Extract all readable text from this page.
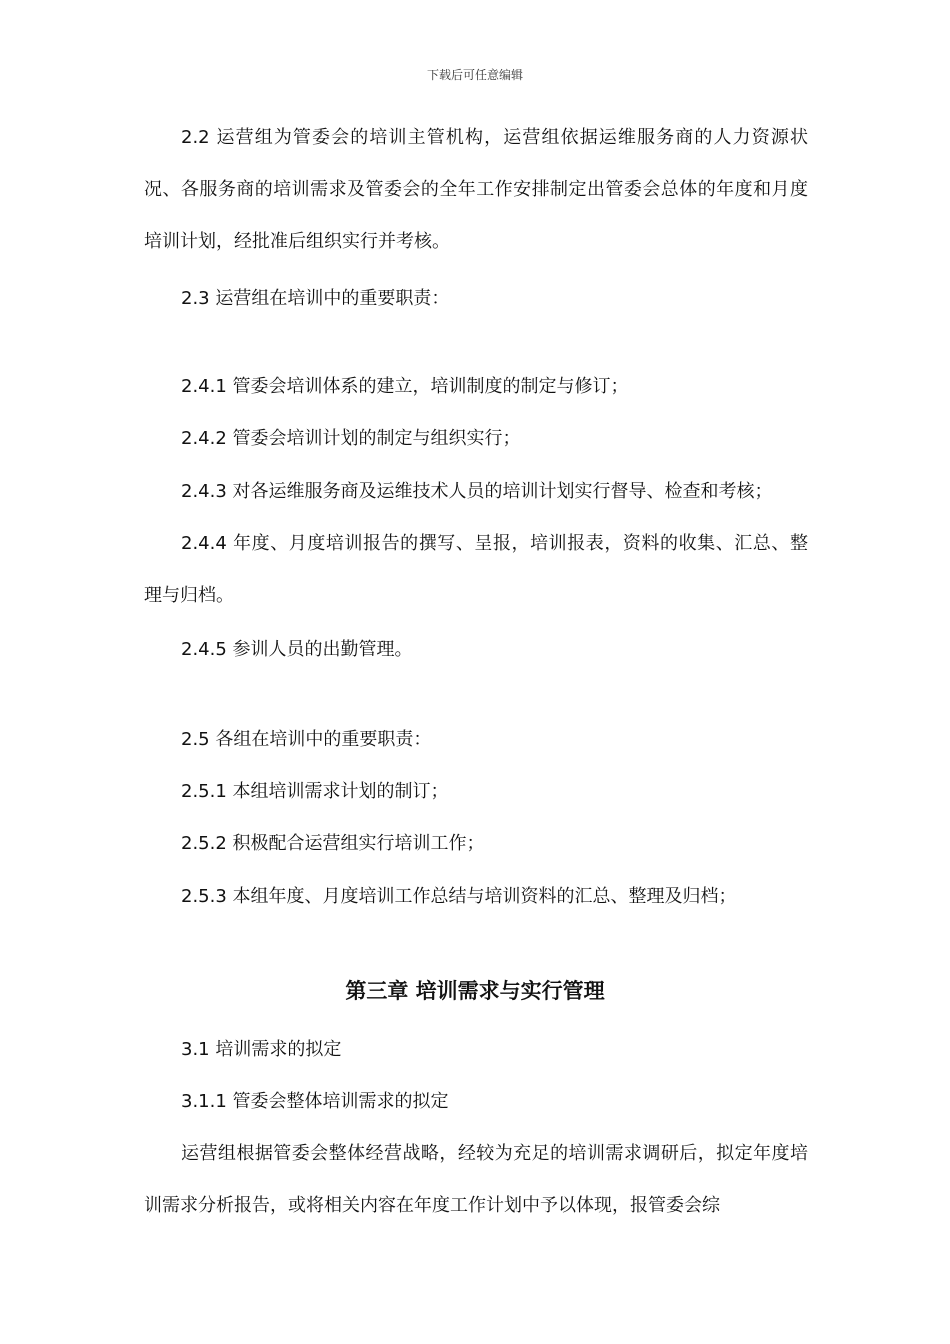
下载后可任意编辑

2.2 运营组为管委会的培训主管机构，运营组依据运维服务商的人力资源状况、各服务商的培训需求及管委会的全年工作安排制定出管委会总体的年度和月度培训计划，经批准后组织实行并考核。

2.3 运营组在培训中的重要职责：

2.4.1 管委会培训体系的建立，培训制度的制定与修订；

2.4.2 管委会培训计划的制定与组织实行；

2.4.3 对各运维服务商及运维技术人员的培训计划实行督导、检查和考核；

2.4.4 年度、月度培训报告的撰写、呈报，培训报表，资料的收集、汇总、整理与归档。

2.4.5 参训人员的出勤管理。

2.5 各组在培训中的重要职责：

2.5.1 本组培训需求计划的制订；

2.5.2 积极配合运营组实行培训工作；

2.5.3 本组年度、月度培训工作总结与培训资料的汇总、整理及归档；

第三章 培训需求与实行管理

3.1 培训需求的拟定

3.1.1 管委会整体培训需求的拟定

运营组根据管委会整体经营战略，经较为充足的培训需求调研后，拟定年度培训需求分析报告，或将相关内容在年度工作计划中予以体现，报管委会综
